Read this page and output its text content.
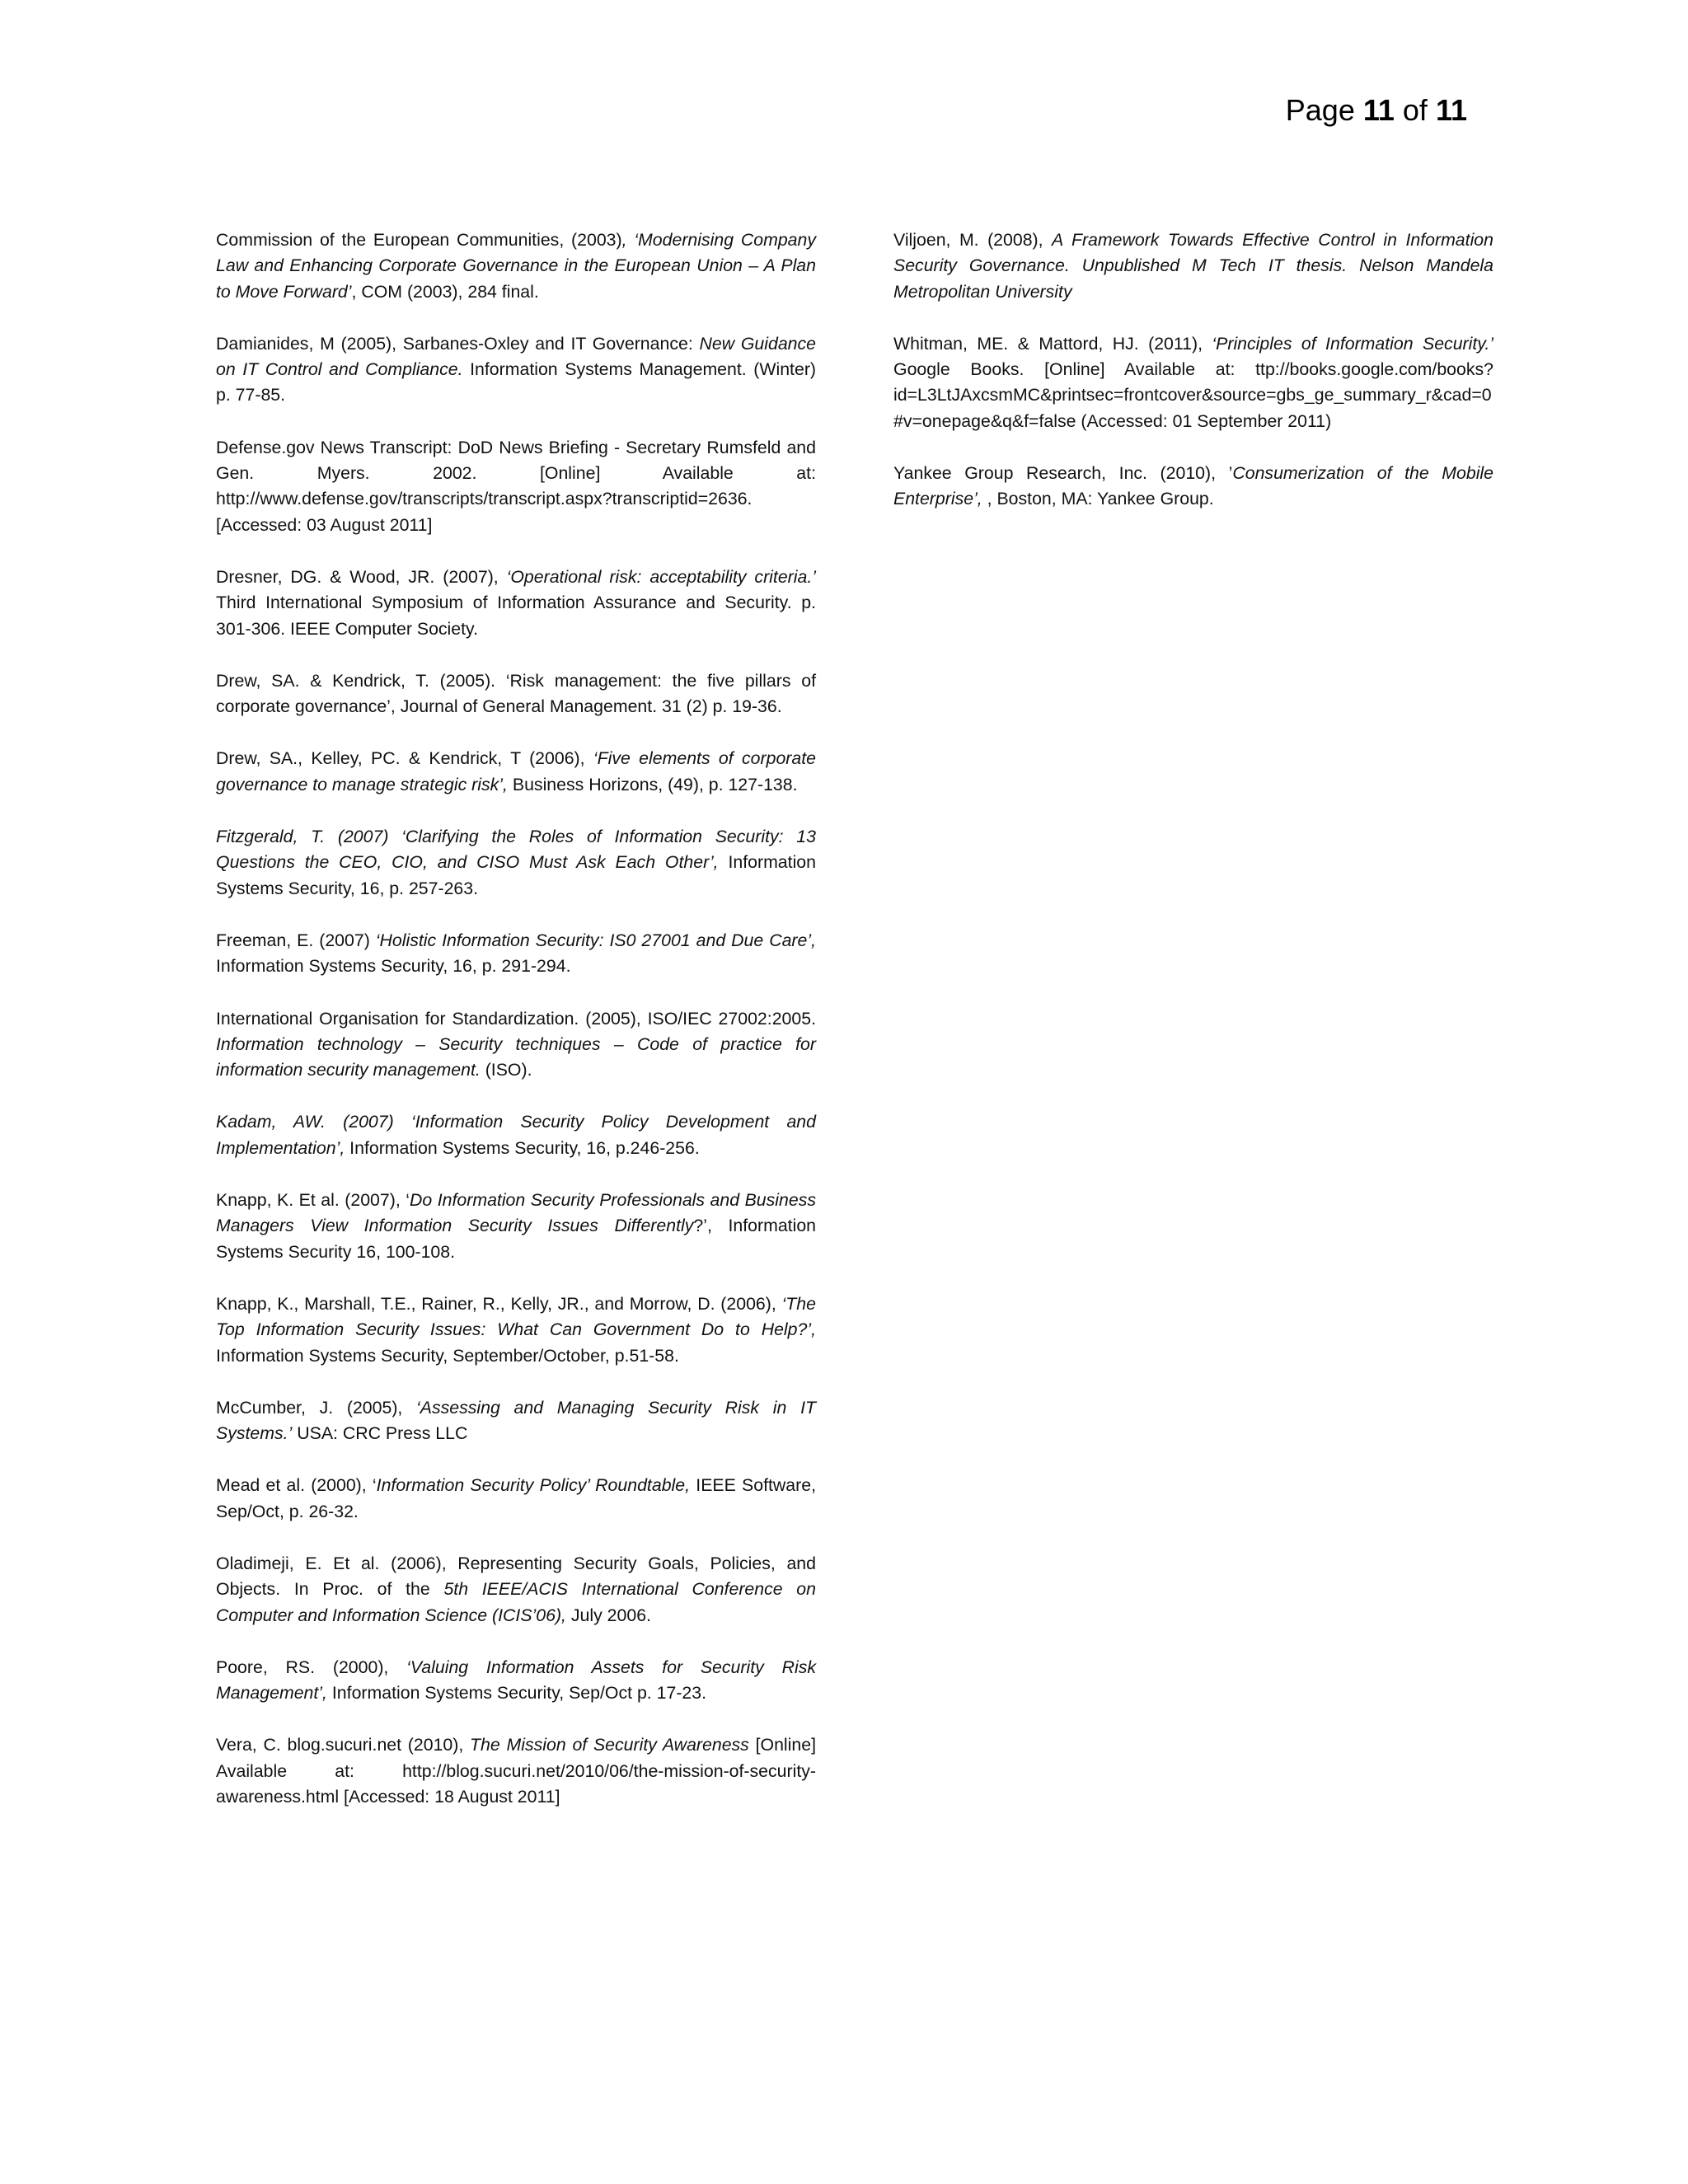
Page 11 of 11

Commission of the European Communities, (2003), ‘Modernising Company Law and Enhancing Corporate Governance in the European Union – A Plan to Move Forward’, COM (2003), 284 final.

Damianides, M (2005), Sarbanes-Oxley and IT Governance: New Guidance on IT Control and Compliance. Information Systems Management. (Winter) p. 77-85.

Defense.gov News Transcript: DoD News Briefing - Secretary Rumsfeld and Gen. Myers. 2002. [Online] Available at: http://www.defense.gov/transcripts/transcript.aspx?transcriptid=2636. [Accessed: 03 August 2011]

Dresner, DG. & Wood, JR. (2007), ‘Operational risk: acceptability criteria.’ Third International Symposium of Information Assurance and Security. p. 301-306. IEEE Computer Society.

Drew, SA. & Kendrick, T. (2005). ‘Risk management: the five pillars of corporate governance’, Journal of General Management. 31 (2) p. 19-36.

Drew, SA., Kelley, PC. & Kendrick, T (2006), ‘Five elements of corporate governance to manage strategic risk’, Business Horizons, (49), p. 127-138.

Fitzgerald, T. (2007) ‘Clarifying the Roles of Information Security: 13 Questions the CEO, CIO, and CISO Must Ask Each Other’, Information Systems Security, 16, p. 257-263.

Freeman, E. (2007) ‘Holistic Information Security: IS0 27001 and Due Care’, Information Systems Security, 16, p. 291-294.

International Organisation for Standardization. (2005), ISO/IEC 27002:2005. Information technology – Security techniques – Code of practice for information security management. (ISO).

Kadam, AW. (2007) ‘Information Security Policy Development and Implementation’, Information Systems Security, 16, p.246-256.

Knapp, K. Et al. (2007), ‘Do Information Security Professionals and Business Managers View Information Security Issues Differently?’, Information Systems Security 16, 100-108.

Knapp, K., Marshall, T.E., Rainer, R., Kelly, JR., and Morrow, D. (2006), ‘The Top Information Security Issues: What Can Government Do to Help?’, Information Systems Security, September/October, p.51-58.

McCumber, J. (2005), ‘Assessing and Managing Security Risk in IT Systems.’ USA: CRC Press LLC

Mead et al. (2000), ‘Information Security Policy’ Roundtable, IEEE Software, Sep/Oct, p. 26-32.

Oladimeji, E. Et al. (2006), Representing Security Goals, Policies, and Objects. In Proc. of the 5th IEEE/ACIS International Conference on Computer and Information Science (ICIS’06), July 2006.

Poore, RS. (2000), ‘Valuing Information Assets for Security Risk Management’, Information Systems Security, Sep/Oct p. 17-23.

Vera, C. blog.sucuri.net (2010), The Mission of Security Awareness [Online] Available at: http://blog.sucuri.net/2010/06/the-mission-of-security-awareness.html [Accessed: 18 August 2011]

Viljoen, M. (2008), A Framework Towards Effective Control in Information Security Governance. Unpublished M Tech IT thesis. Nelson Mandela Metropolitan University

Whitman, ME. & Mattord, HJ. (2011), ‘Principles of Information Security.’ Google Books. [Online] Available at: ttp://books.google.com/books?id=L3LtJAxcsmMC&printsec=frontcover&source=gbs_ge_summary_r&cad=0#v=onepage&q&f=false (Accessed: 01 September 2011)

Yankee Group Research, Inc. (2010), ’Consumerization of the Mobile Enterprise’, , Boston, MA: Yankee Group.
